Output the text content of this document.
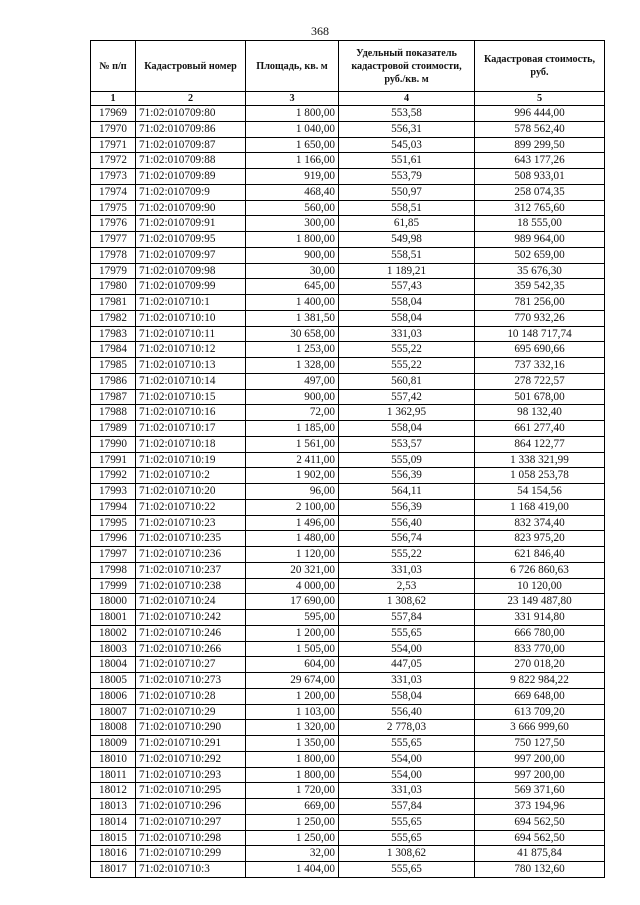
368
№ п/п	Кадастровый номер	Площадь, кв. м	Удельный показатель кадастровой стоимости, руб./кв. м	Кадастровая стоимость, руб.
1	2	3	4	5
17969	71:02:010709:80	1 800,00	553,58	996 444,00
17970	71:02:010709:86	1 040,00	556,31	578 562,40
17971	71:02:010709:87	1 650,00	545,03	899 299,50
17972	71:02:010709:88	1 166,00	551,61	643 177,26
17973	71:02:010709:89	919,00	553,79	508 933,01
17974	71:02:010709:9	468,40	550,97	258 074,35
17975	71:02:010709:90	560,00	558,51	312 765,60
17976	71:02:010709:91	300,00	61,85	18 555,00
17977	71:02:010709:95	1 800,00	549,98	989 964,00
17978	71:02:010709:97	900,00	558,51	502 659,00
17979	71:02:010709:98	30,00	1 189,21	35 676,30
17980	71:02:010709:99	645,00	557,43	359 542,35
17981	71:02:010710:1	1 400,00	558,04	781 256,00
17982	71:02:010710:10	1 381,50	558,04	770 932,26
17983	71:02:010710:11	30 658,00	331,03	10 148 717,74
17984	71:02:010710:12	1 253,00	555,22	695 690,66
17985	71:02:010710:13	1 328,00	555,22	737 332,16
17986	71:02:010710:14	497,00	560,81	278 722,57
17987	71:02:010710:15	900,00	557,42	501 678,00
17988	71:02:010710:16	72,00	1 362,95	98 132,40
17989	71:02:010710:17	1 185,00	558,04	661 277,40
17990	71:02:010710:18	1 561,00	553,57	864 122,77
17991	71:02:010710:19	2 411,00	555,09	1 338 321,99
17992	71:02:010710:2	1 902,00	556,39	1 058 253,78
17993	71:02:010710:20	96,00	564,11	54 154,56
17994	71:02:010710:22	2 100,00	556,39	1 168 419,00
17995	71:02:010710:23	1 496,00	556,40	832 374,40
17996	71:02:010710:235	1 480,00	556,74	823 975,20
17997	71:02:010710:236	1 120,00	555,22	621 846,40
17998	71:02:010710:237	20 321,00	331,03	6 726 860,63
17999	71:02:010710:238	4 000,00	2,53	10 120,00
18000	71:02:010710:24	17 690,00	1 308,62	23 149 487,80
18001	71:02:010710:242	595,00	557,84	331 914,80
18002	71:02:010710:246	1 200,00	555,65	666 780,00
18003	71:02:010710:266	1 505,00	554,00	833 770,00
18004	71:02:010710:27	604,00	447,05	270 018,20
18005	71:02:010710:273	29 674,00	331,03	9 822 984,22
18006	71:02:010710:28	1 200,00	558,04	669 648,00
18007	71:02:010710:29	1 103,00	556,40	613 709,20
18008	71:02:010710:290	1 320,00	2 778,03	3 666 999,60
18009	71:02:010710:291	1 350,00	555,65	750 127,50
18010	71:02:010710:292	1 800,00	554,00	997 200,00
18011	71:02:010710:293	1 800,00	554,00	997 200,00
18012	71:02:010710:295	1 720,00	331,03	569 371,60
18013	71:02:010710:296	669,00	557,84	373 194,96
18014	71:02:010710:297	1 250,00	555,65	694 562,50
18015	71:02:010710:298	1 250,00	555,65	694 562,50
18016	71:02:010710:299	32,00	1 308,62	41 875,84
18017	71:02:010710:3	1 404,00	555,65	780 132,60
